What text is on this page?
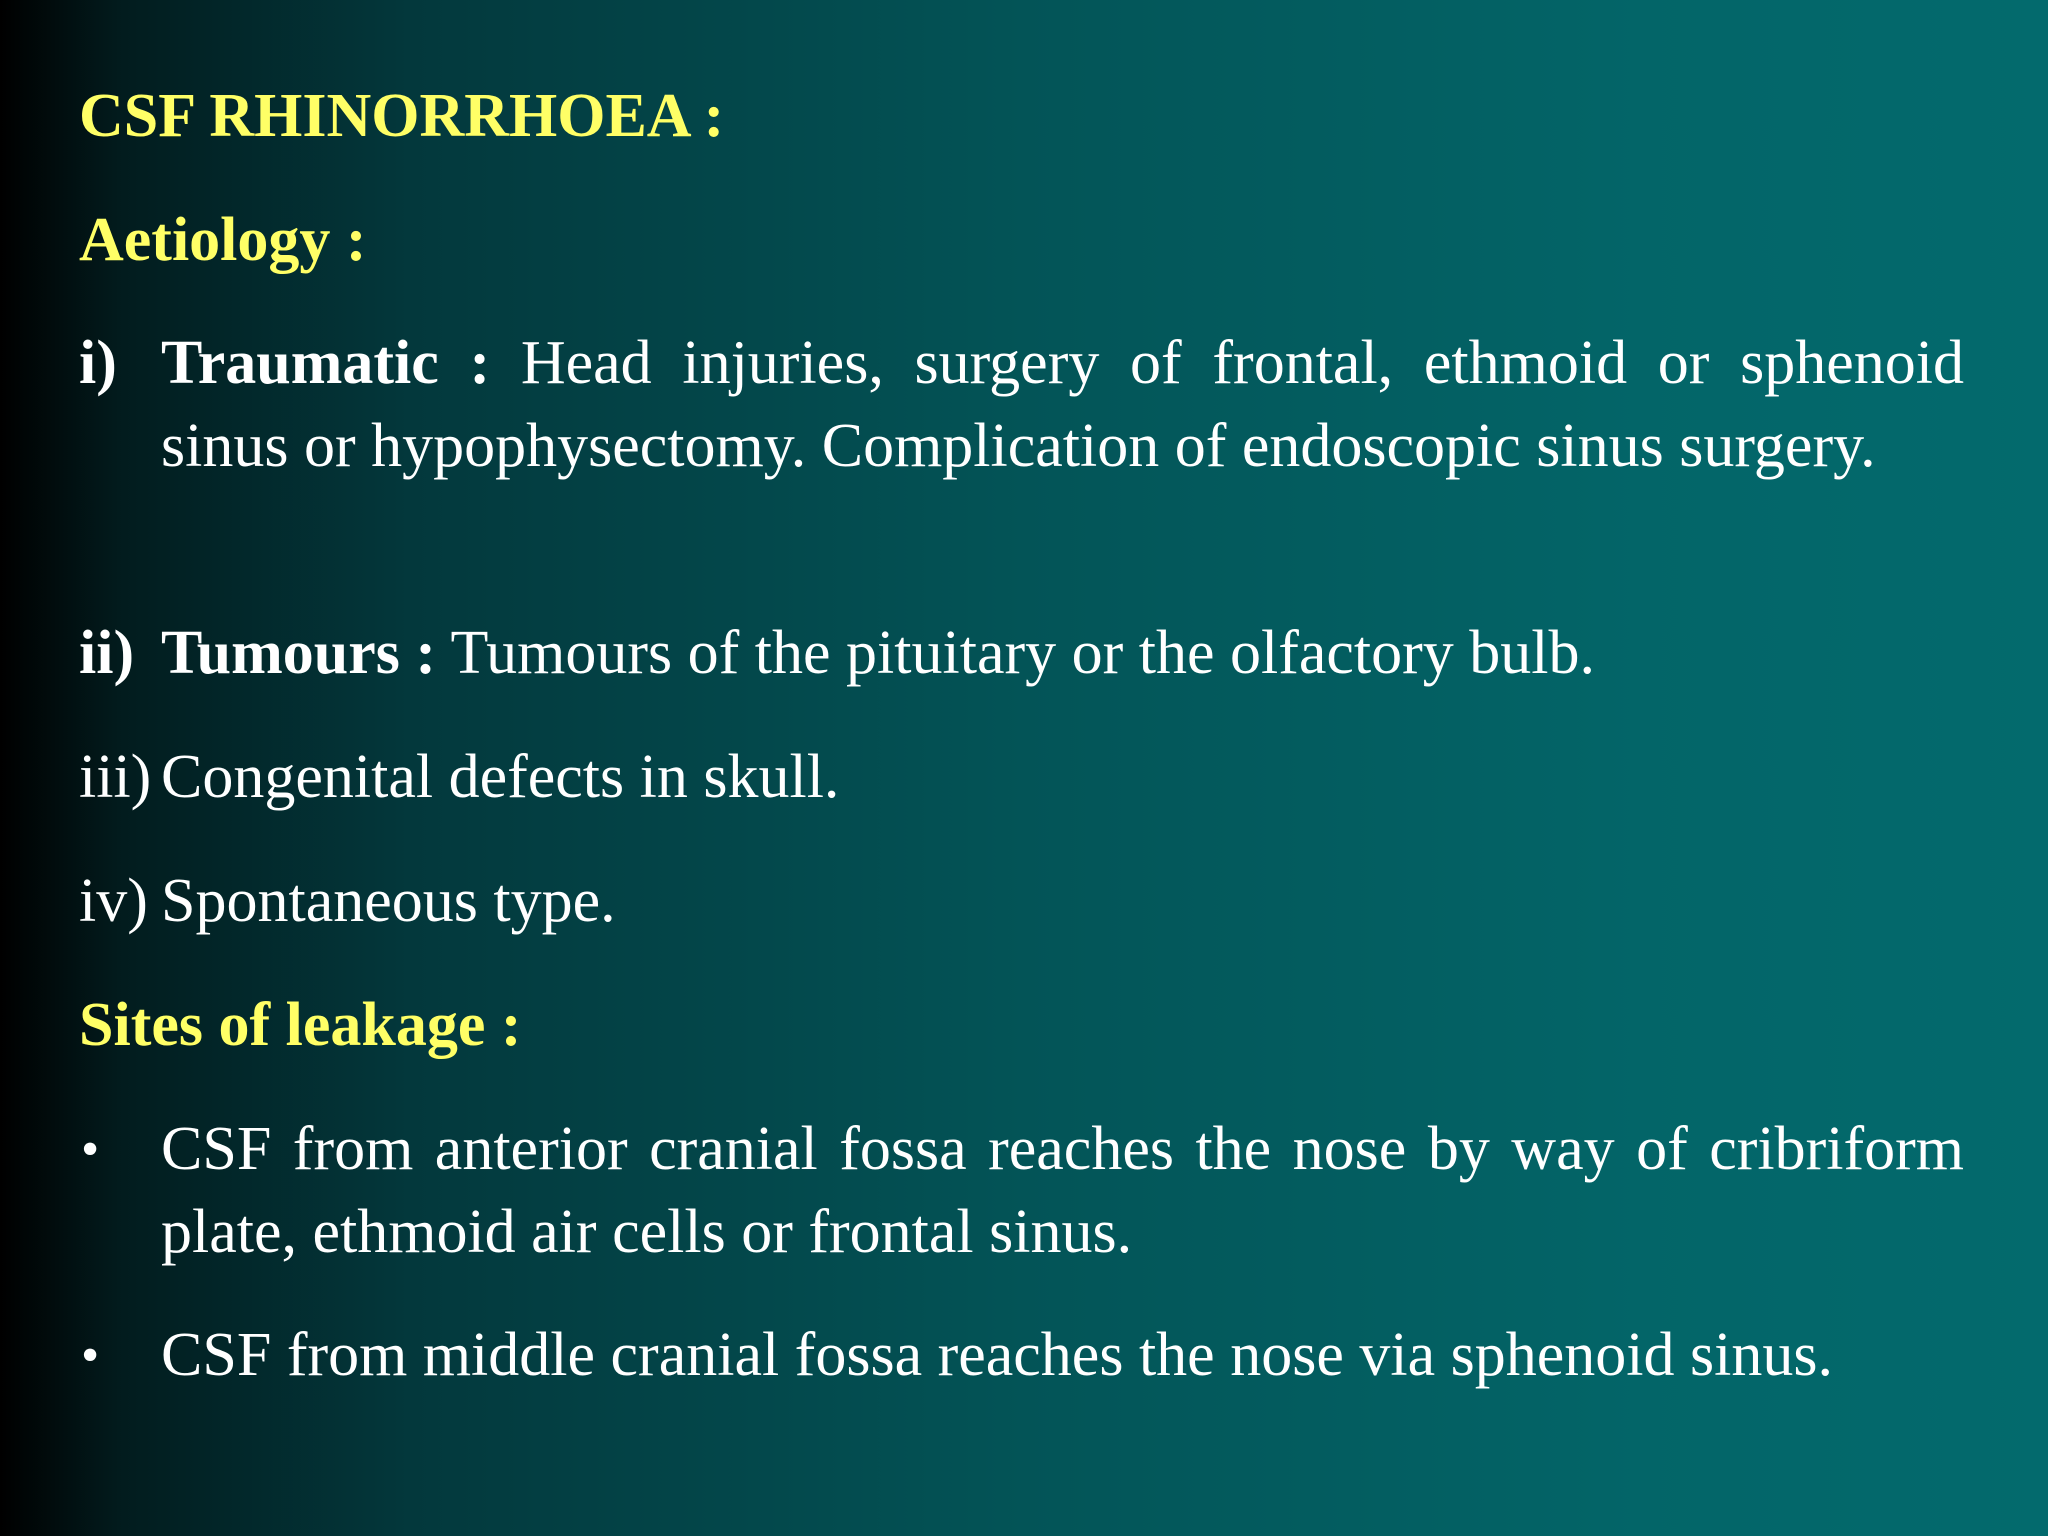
CSF RHINORRHOEA :
Aetiology :
i) Traumatic : Head injuries, surgery of frontal, ethmoid or sphenoid sinus or hypophysectomy. Complication of endoscopic sinus surgery.
ii) Tumours : Tumours of the pituitary or the olfactory bulb.
iii) Congenital defects in skull.
iv) Spontaneous type.
Sites of leakage :
• CSF from anterior cranial fossa reaches the nose by way of cribriform plate, ethmoid air cells or frontal sinus.
• CSF from middle cranial fossa reaches the nose via sphenoid sinus.
